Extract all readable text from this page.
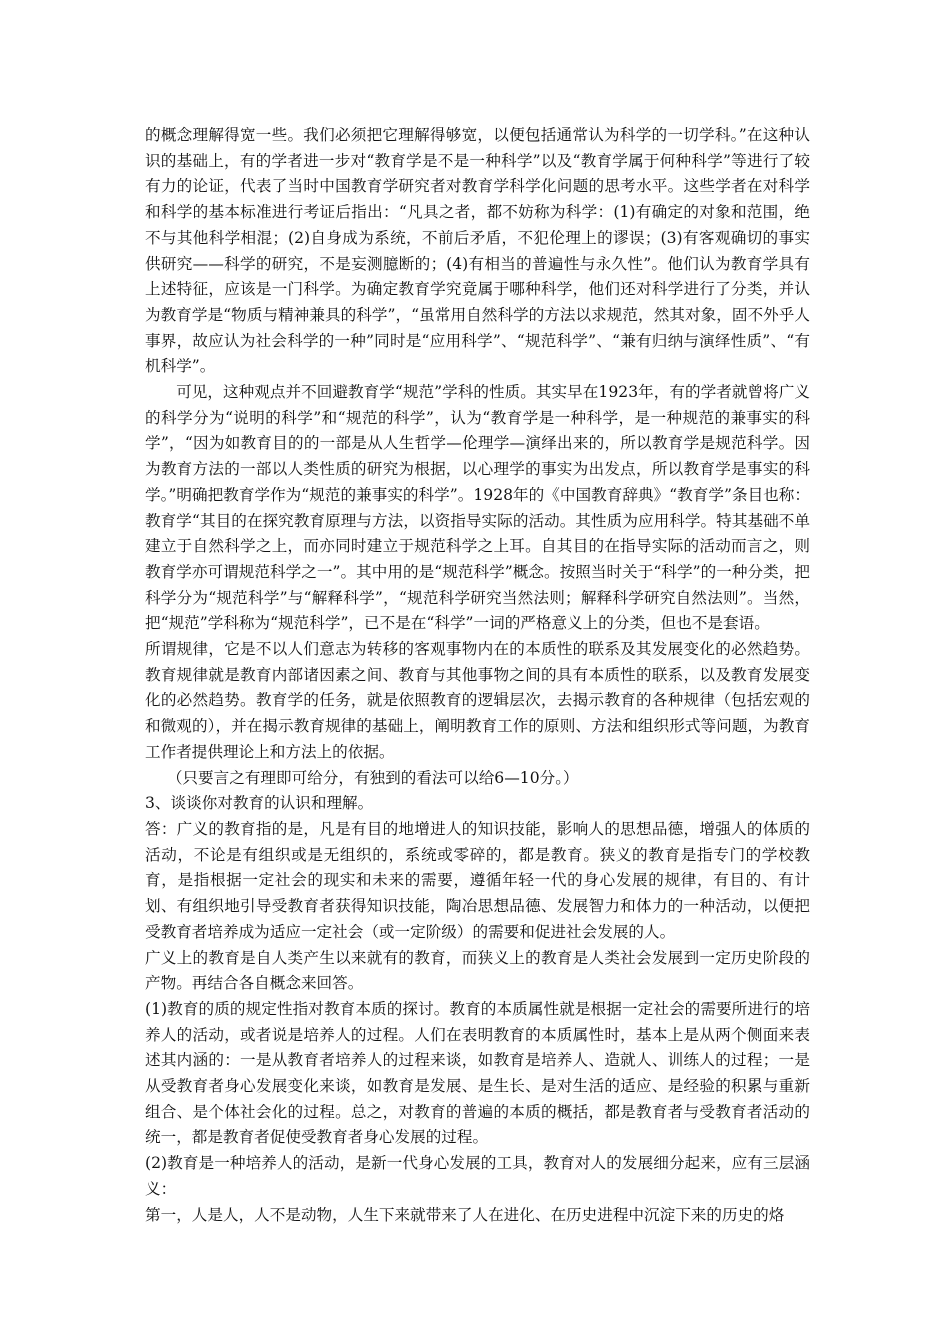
的概念理解得宽一些。我们必须把它理解得够宽，以便包括通常认为科学的一切学科。”在这种认识的基础上，有的学者进一步对“教育学是不是一种科学”以及“教育学属于何种科学”等进行了较有力的论证，代表了当时中国教育学研究者对教育学科学化问题的思考水平。这些学者在对科学和科学的基本标准进行考证后指出：“凡具之者，都不妨称为科学：(1)有确定的对象和范围，绝不与其他科学相混；(2)自身成为系统，不前后矛盾，不犯伦理上的谬误；(3)有客观确切的事实供研究——科学的研究，不是妄测臆断的；(4)有相当的普遍性与永久性”。他们认为教育学具有上述特征，应该是一门科学。为确定教育学究竟属于哪种科学，他们还对科学进行了分类，并认为教育学是“物质与精神兼具的科学”，“虽常用自然科学的方法以求规范，然其对象，固不外乎人事界，故应认为社会科学的一种”同时是“应用科学”、“规范科学”、“兼有归纳与演绎性质”、“有机科学”。

可见，这种观点并不回避教育学“规范”学科的性质。其实早在1923年，有的学者就曾将广义的科学分为“说明的科学”和“规范的科学”，认为“教育学是一种科学，是一种规范的兼事实的科学”，“因为如教育目的的一部是从人生哲学—伦理学—演绎出来的，所以教育学是规范科学。因为教育方法的一部以人类性质的研究为根据，以心理学的事实为出发点，所以教育学是事实的科学。”明确把教育学作为“规范的兼事实的科学”。1928年的《中国教育辞典》“教育学”条目也称：教育学“其目的在探究教育原理与方法，以资指导实际的活动。其性质为应用科学。特其基础不单建立于自然科学之上，而亦同时建立于规范科学之上耳。自其目的在指导实际的活动而言之，则教育学亦可谓规范科学之一”。其中用的是“规范科学”概念。按照当时关于“科学”的一种分类，把科学分为“规范科学”与“解释科学”，“规范科学研究当然法则；解释科学研究自然法则”。当然，把“规范”学科称为“规范科学”，已不是在“科学”一词的严格意义上的分类，但也不是套语。

所谓规律，它是不以人们意志为转移的客观事物内在的本质性的联系及其发展变化的必然趋势。教育规律就是教育内部诸因素之间、教育与其他事物之间的具有本质性的联系，以及教育发展变化的必然趋势。教育学的任务，就是依照教育的逻辑层次，去揭示教育的各种规律（包括宏观的和微观的），并在揭示教育规律的基础上，阐明教育工作的原则、方法和组织形式等问题，为教育工作者提供理论上和方法上的依据。

（只要言之有理即可给分，有独到的看法可以给6—10分。）

3、谈谈你对教育的认识和理解。

答：广义的教育指的是，凡是有目的地增进人的知识技能，影响人的思想品德，增强人的体质的活动，不论是有组织或是无组织的，系统或零碎的，都是教育。狭义的教育是指专门的学校教育，是指根据一定社会的现实和未来的需要，遵循年轻一代的身心发展的规律，有目的、有计划、有组织地引导受教育者获得知识技能，陶冶思想品德、发展智力和体力的一种活动，以便把受教育者培养成为适应一定社会（或一定阶级）的需要和促进社会发展的人。

广义上的教育是自人类产生以来就有的教育，而狭义上的教育是人类社会发展到一定历史阶段的产物。再结合各自概念来回答。

(1)教育的质的规定性指对教育本质的探讨。教育的本质属性就是根据一定社会的需要所进行的培养人的活动，或者说是培养人的过程。人们在表明教育的本质属性时，基本上是从两个侧面来表述其内涵的：一是从教育者培养人的过程来谈，如教育是培养人、造就人、训练人的过程；一是从受教育者身心发展变化来谈，如教育是发展、是生长、是对生活的适应、是经验的积累与重新组合、是个体社会化的过程。总之，对教育的普遍的本质的概括，都是教育者与受教育者活动的统一，都是教育者促使受教育者身心发展的过程。

(2)教育是一种培养人的活动，是新一代身心发展的工具，教育对人的发展细分起来，应有三层涵义：

第一，人是人，人不是动物，人生下来就带来了人在进化、在历史进程中沉淀下来的历史的烙
